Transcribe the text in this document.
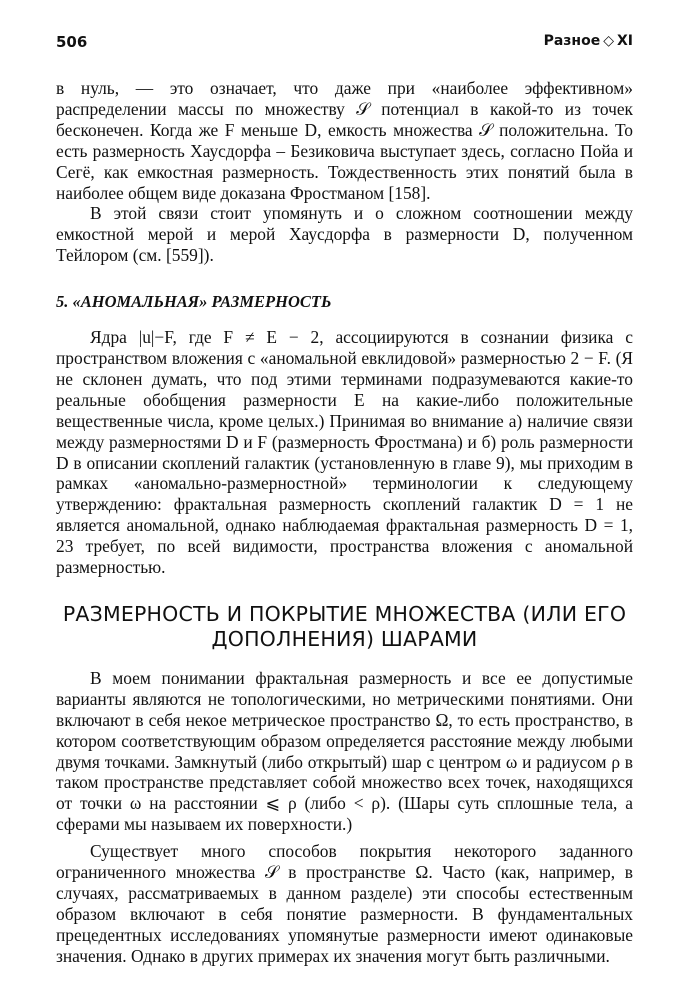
506	Разное ◇ XI

в нуль, — это означает, что даже при «наиболее эффективном» распределении массы по множеству 𝒮 потенциал в какой-то из точек бесконечен. Когда же F меньше D, емкость множества 𝒮 положительна. То есть размерность Хаусдорфа – Безиковича выступает здесь, согласно Пойа и Сегё, как емкостная размерность. Тождественность этих понятий была в наиболее общем виде доказана Фростманом [158].

В этой связи стоит упомянуть и о сложном соотношении между емкостной мерой и мерой Хаусдорфа в размерности D, полученном Тейлором (см. [559]).

5. «АНОМАЛЬНАЯ» РАЗМЕРНОСТЬ

Ядра |u|−F, где F ≠ E − 2, ассоциируются в сознании физика с пространством вложения с «аномальной евклидовой» размерностью 2 − F. (Я не склонен думать, что под этими терминами подразумеваются какие-то реальные обобщения размерности E на какие-либо положительные вещественные числа, кроме целых.) Принимая во внимание а) наличие связи между размерностями D и F (размерность Фростмана) и б) роль размерности D в описании скоплений галактик (установленную в главе 9), мы приходим в рамках «аномально-размерностной» терминологии к следующему утверждению: фрактальная размерность скоплений галактик D = 1 не является аномальной, однако наблюдаемая фрактальная размерность D = 1, 23 требует, по всей видимости, пространства вложения с аномальной размерностью.

РАЗМЕРНОСТЬ И ПОКРЫТИЕ МНОЖЕСТВА (ИЛИ ЕГО
ДОПОЛНЕНИЯ) ШАРАМИ

В моем понимании фрактальная размерность и все ее допустимые варианты являются не топологическими, но метрическими понятиями. Они включают в себя некое метрическое пространство Ω, то есть пространство, в котором соответствующим образом определяется расстояние между любыми двумя точками. Замкнутый (либо открытый) шар с центром ω и радиусом ρ в таком пространстве представляет собой множество всех точек, находящихся от точки ω на расстоянии ⩽ ρ (либо < ρ). (Шары суть сплошные тела, а сферами мы называем их поверхности.)

Существует много способов покрытия некоторого заданного ограниченного множества 𝒮 в пространстве Ω. Часто (как, например, в случаях, рассматриваемых в данном разделе) эти способы естественным образом включают в себя понятие размерности. В фундаментальных прецедентных исследованиях упомянутые размерности имеют одинаковые значения. Однако в других примерах их значения могут быть различными.
